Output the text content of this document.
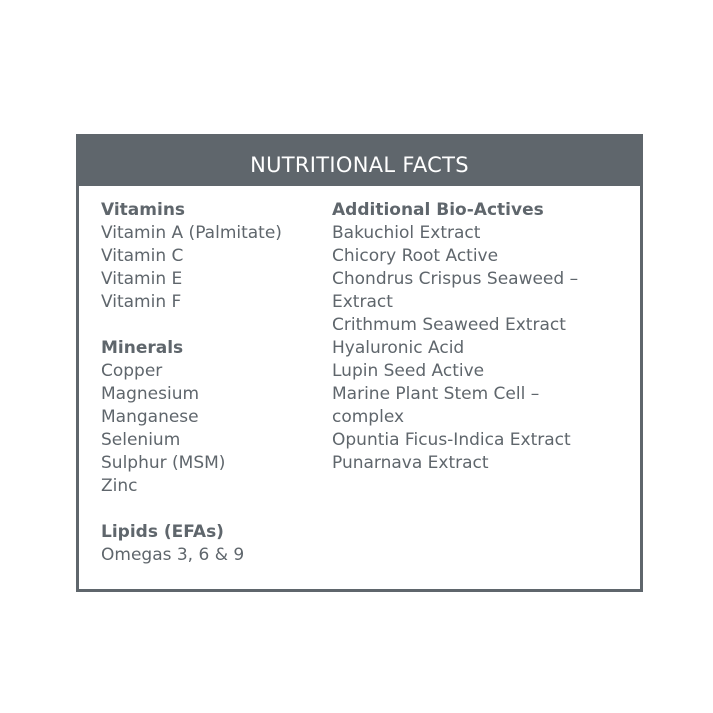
NUTRITIONAL FACTS

Vitamins

Vitamin A (Palmitate)

Vitamin C

Vitamin E

Vitamin F

Minerals

Copper

Magnesium

Manganese

Selenium

Sulphur (MSM)

Zinc

Lipids (EFAs)

Omegas 3, 6 & 9

Additional Bio-Actives

Bakuchiol Extract

Chicory Root Active

Chondrus Crispus Seaweed –

Extract

Crithmum Seaweed Extract

Hyaluronic Acid

Lupin Seed Active

Marine Plant Stem Cell –

complex

Opuntia Ficus-Indica Extract

Punarnava Extract
